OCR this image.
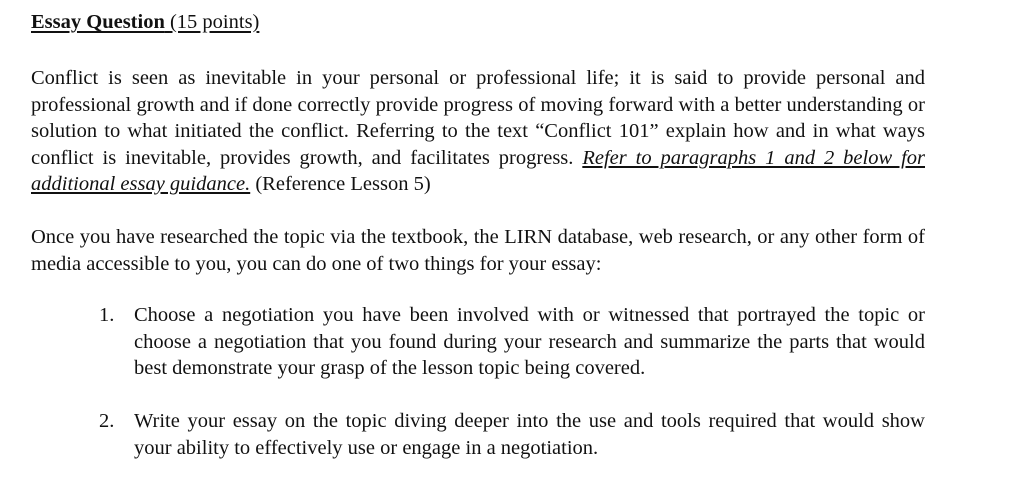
Essay Question (15 points)

Conflict is seen as inevitable in your personal or professional life; it is said to provide personal and professional growth and if done correctly provide progress of moving forward with a better understanding or solution to what initiated the conflict. Referring to the text “Conflict 101” explain how and in what ways conflict is inevitable, provides growth, and facilitates progress. Refer to paragraphs 1 and 2 below for additional essay guidance. (Reference Lesson 5)

Once you have researched the topic via the textbook, the LIRN database, web research, or any other form of media accessible to you, you can do one of two things for your essay:

1. Choose a negotiation you have been involved with or witnessed that portrayed the topic or choose a negotiation that you found during your research and summarize the parts that would best demonstrate your grasp of the lesson topic being covered.
2. Write your essay on the topic diving deeper into the use and tools required that would show your ability to effectively use or engage in a negotiation.
